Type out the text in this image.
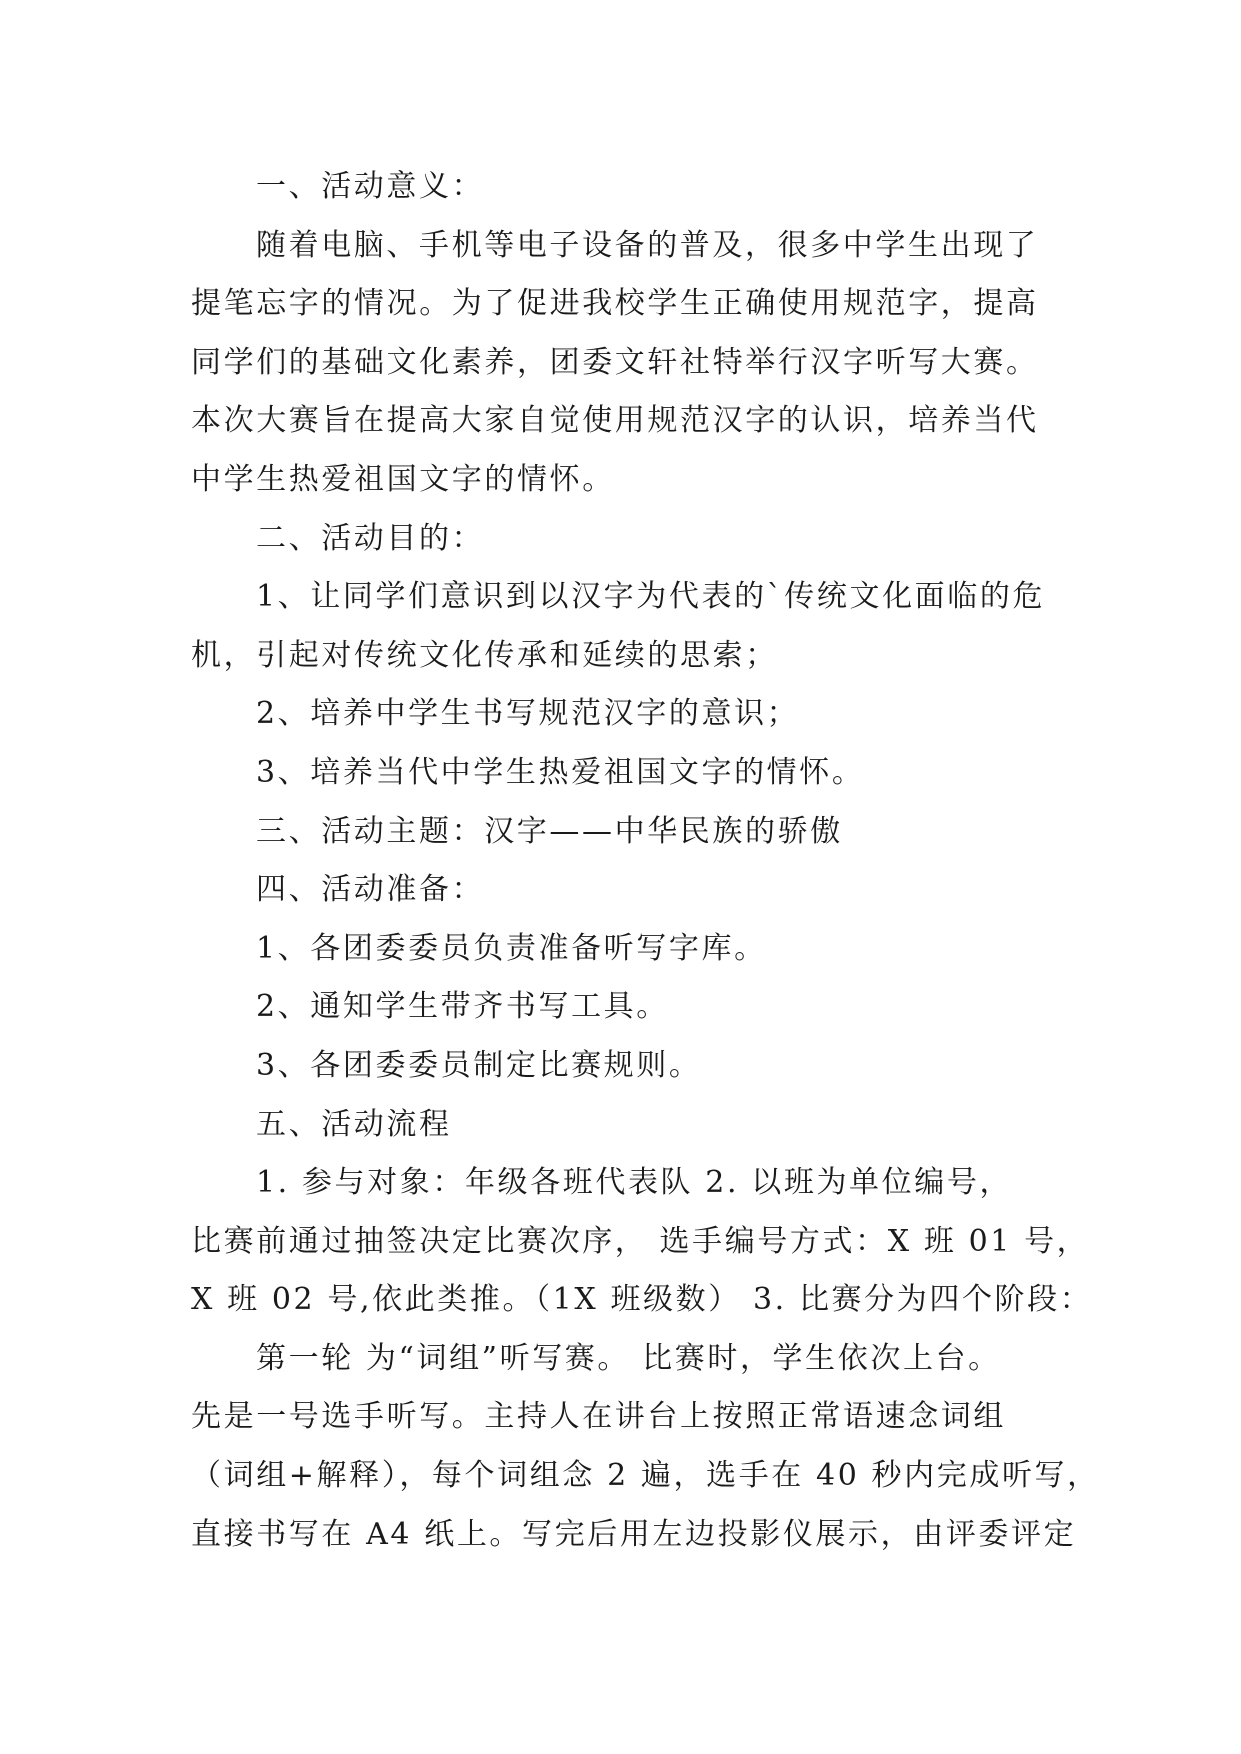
一、活动意义：
随着电脑、手机等电子设备的普及，很多中学生出现了
提笔忘字的情况。为了促进我校学生正确使用规范字，提高
同学们的基础文化素养，团委文轩社特举行汉字听写大赛。
本次大赛旨在提高大家自觉使用规范汉字的认识，培养当代
中学生热爱祖国文字的情怀。
二、活动目的：
1、让同学们意识到以汉字为代表的`传统文化面临的危
机，引起对传统文化传承和延续的思索；
2、培养中学生书写规范汉字的意识；
3、培养当代中学生热爱祖国文字的情怀。
三、活动主题：汉字——中华民族的骄傲
四、活动准备：
1、各团委委员负责准备听写字库。
2、通知学生带齐书写工具。
3、各团委委员制定比赛规则。
五、活动流程
1. 参与对象：年级各班代表队 2. 以班为单位编号，
比赛前通过抽签决定比赛次序， 选手编号方式：X 班 01 号，
X 班 02 号,依此类推。（1X 班级数） 3. 比赛分为四个阶段：
第一轮 为“词组”听写赛。 比赛时，学生依次上台。
先是一号选手听写。主持人在讲台上按照正常语速念词组
（词组+解释），每个词组念 2 遍，选手在 40 秒内完成听写，
直接书写在 A4 纸上。写完后用左边投影仪展示，由评委评定
